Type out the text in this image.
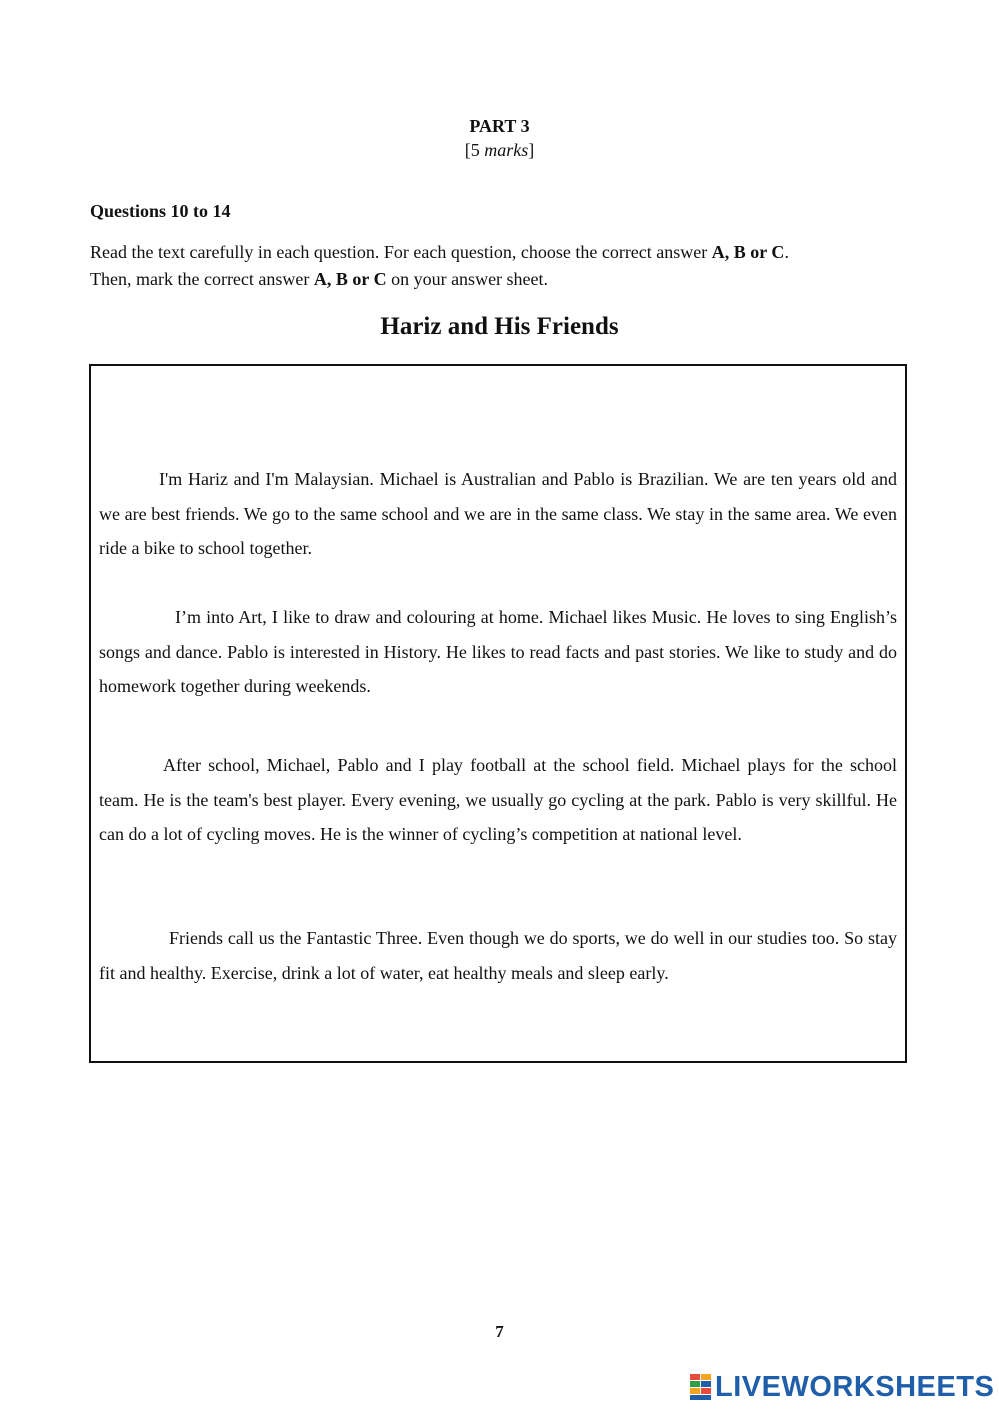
PART 3
[5 marks]
Questions 10 to 14
Read the text carefully in each question. For each question, choose the correct answer A, B or C.
Then, mark the correct answer A, B or C on your answer sheet.
Hariz and His Friends

I'm Hariz and I'm Malaysian. Michael is Australian and Pablo is Brazilian. We are ten years old and we are best friends. We go to the same school and we are in the same class. We stay in the same area. We even ride a bike to school together.

I’m into Art, I like to draw and colouring at home. Michael likes Music. He loves to sing English’s songs and dance. Pablo is interested in History. He likes to read facts and past stories. We like to study and do homework together during weekends.

After school, Michael, Pablo and I play football at the school field. Michael plays for the school team. He is the team's best player. Every evening, we usually go cycling at the park. Pablo is very skillful. He can do a lot of cycling moves. He is the winner of cycling’s competition at national level.

Friends call us the Fantastic Three. Even though we do sports, we do well in our studies too. So stay fit and healthy. Exercise, drink a lot of water, eat healthy meals and sleep early.

7
LIVEWORKSHEETS
